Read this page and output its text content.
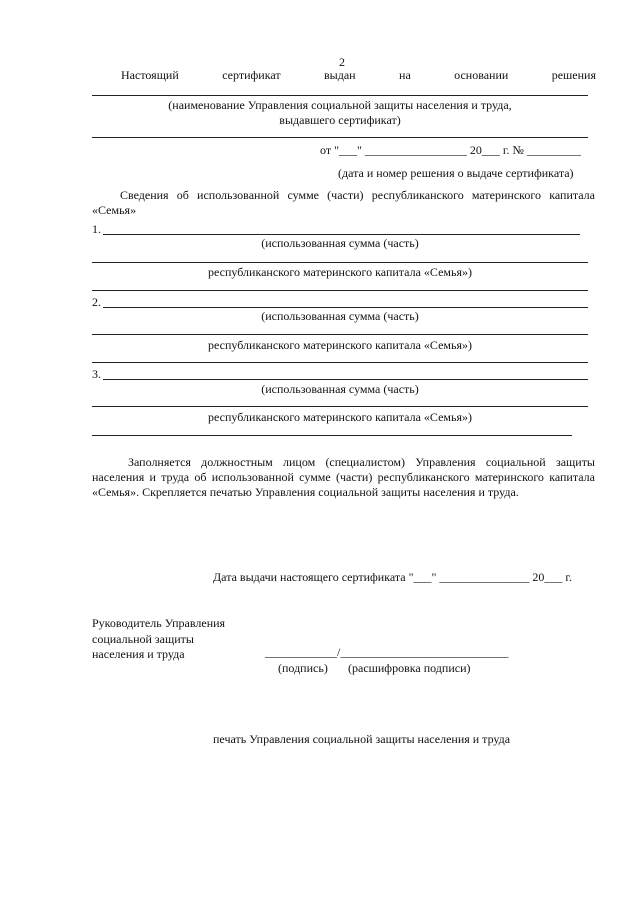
2
Настоящий	сертификат	выдан	на	основании	решения
(наименование Управления социальной защиты населения и труда,
выдавшего сертификат)
от "___" _________________ 20___ г. № _________
(дата и номер решения о выдаче сертификата)
Сведения об использованной сумме (части) республиканского материнского капитала «Семья»
1.
(использованная сумма (часть)
республиканского материнского капитала «Семья»)
2.
(использованная сумма (часть)
республиканского материнского капитала «Семья»)
3.
(использованная сумма (часть)
республиканского материнского капитала «Семья»)
Заполняется должностным лицом (специалистом) Управления социальной защиты населения и труда об использованной сумме (части) республиканского материнского капитала «Семья». Скрепляется печатью Управления социальной защиты населения и труда.
Дата выдачи настоящего сертификата "___" _______________ 20___ г.
Руководитель Управления
социальной защиты
населения и труда	____________/____________________________
(подпись) (расшифровка подписи)
печать Управления социальной защиты населения и труда
